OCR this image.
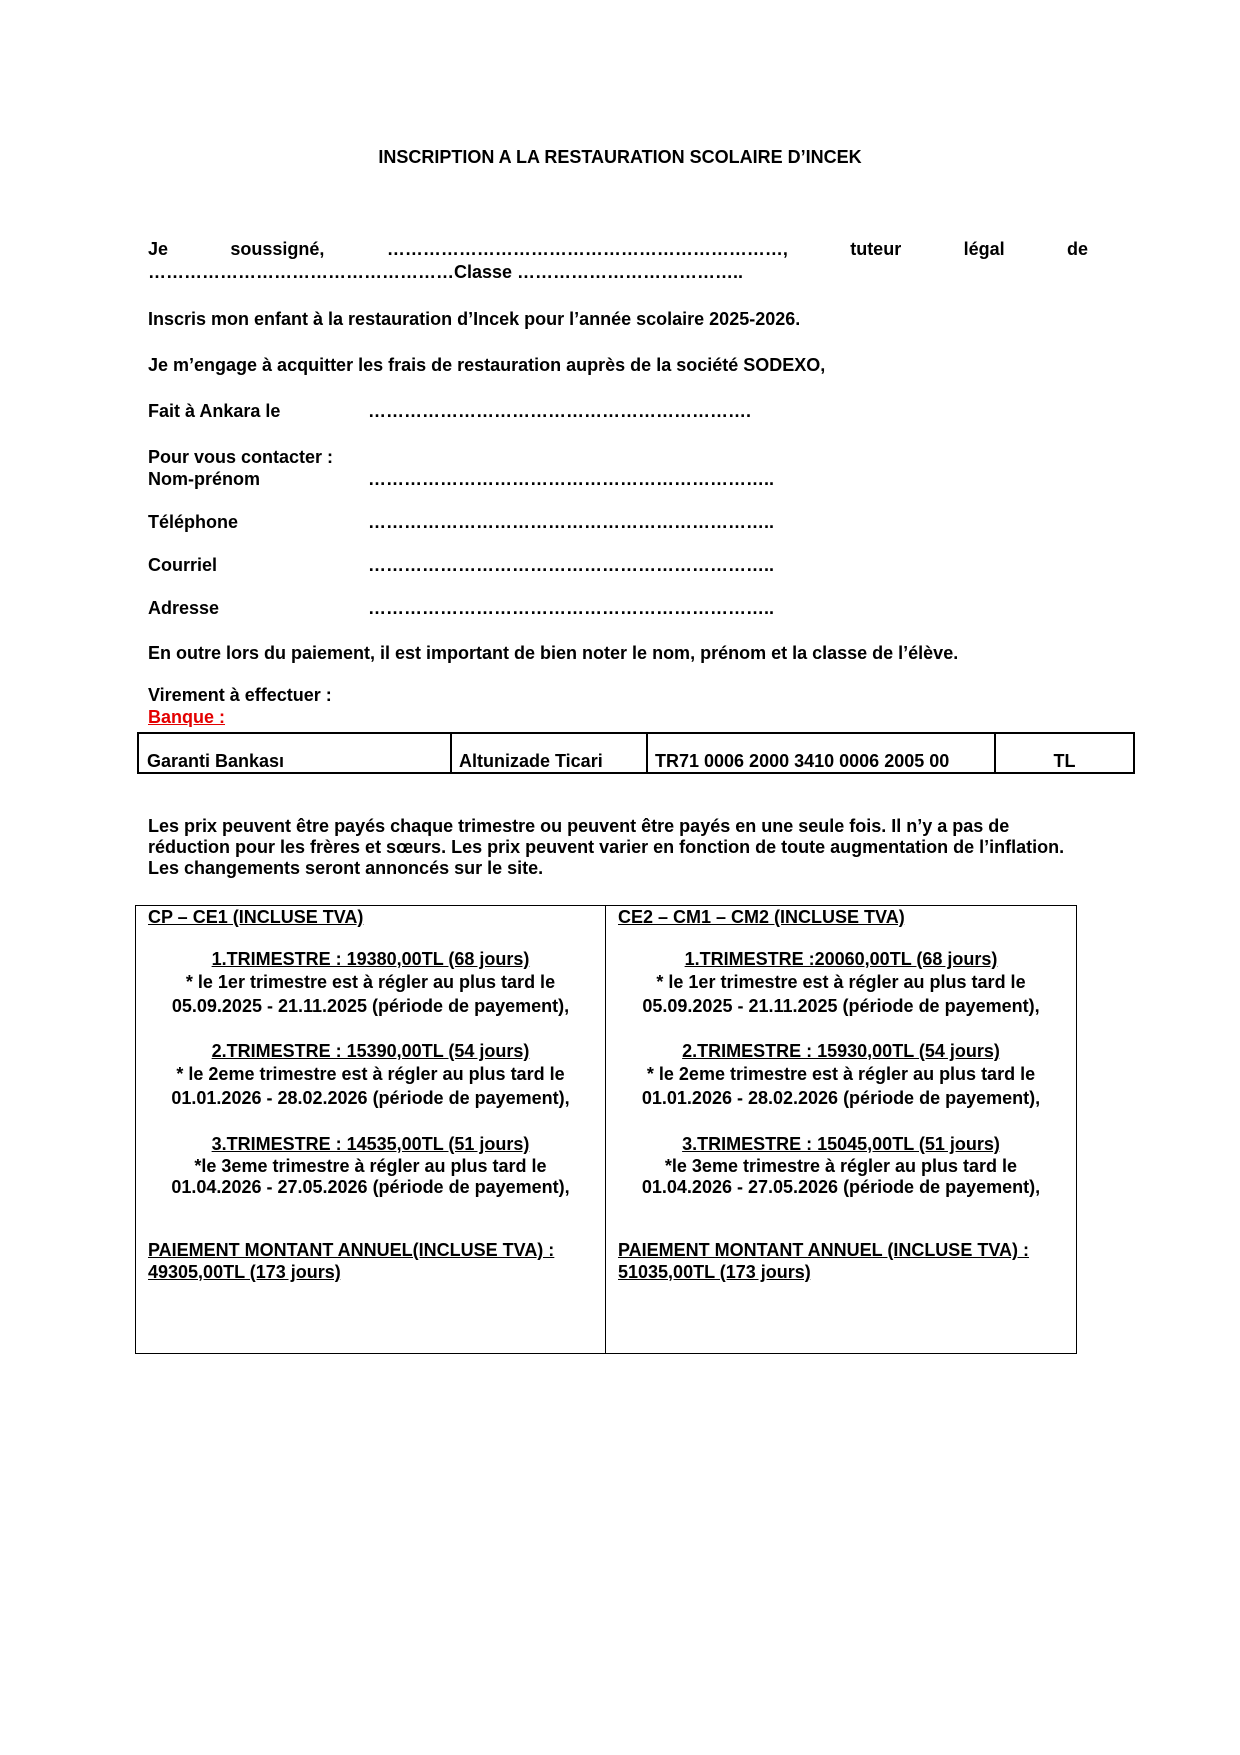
INSCRIPTION A LA RESTAURATION SCOLAIRE D’INCEK
Je	soussigné,	…………………………………………………………,	tuteur	légal	de
……………………………………………Classe ………………………………..
Inscris mon enfant à la restauration d’Incek pour l’année scolaire 2025-2026.
Je m’engage à acquitter les frais de restauration auprès de la société SODEXO,
Fait à Ankara le	……………………………………………………….
Pour vous contacter :
Nom-prénom	…………………………………………………………..
Téléphone	…………………………………………………………..
Courriel	…………………………………………………………..
Adresse	…………………………………………………………..
En outre lors du paiement, il est important de bien noter le nom, prénom et la classe de l’élève.
Virement à effectuer :
Banque :
Garanti Bankası	Altunizade Ticari	TR71 0006 2000 3410 0006 2005 00	TL
Les prix peuvent être payés chaque trimestre ou peuvent être payés en une seule fois. Il n’y a pas de réduction pour les frères et sœurs. Les prix peuvent varier en fonction de toute augmentation de l’inflation. Les changements seront annoncés sur le site.
CP – CE1 (INCLUSE TVA)
1.TRIMESTRE : 19380,00TL (68 jours)
* le 1er trimestre est à régler au plus tard le
05.09.2025 - 21.11.2025 (période de payement),
2.TRIMESTRE : 15390,00TL (54 jours)
* le 2eme trimestre est à régler au plus tard le
01.01.2026 - 28.02.2026 (période de payement),
3.TRIMESTRE : 14535,00TL (51 jours)
*le 3eme trimestre à régler au plus tard le
01.04.2026 - 27.05.2026 (période de payement),
PAIEMENT MONTANT ANNUEL(INCLUSE TVA) :
49305,00TL (173 jours)
CE2 – CM1 – CM2 (INCLUSE TVA)
1.TRIMESTRE :20060,00TL (68 jours)
* le 1er trimestre est à régler au plus tard le
05.09.2025 - 21.11.2025 (période de payement),
2.TRIMESTRE : 15930,00TL (54 jours)
* le 2eme trimestre est à régler au plus tard le
01.01.2026 - 28.02.2026 (période de payement),
3.TRIMESTRE : 15045,00TL (51 jours)
*le 3eme trimestre à régler au plus tard le
01.04.2026 - 27.05.2026 (période de payement),
PAIEMENT MONTANT ANNUEL (INCLUSE TVA) :
51035,00TL (173 jours)
